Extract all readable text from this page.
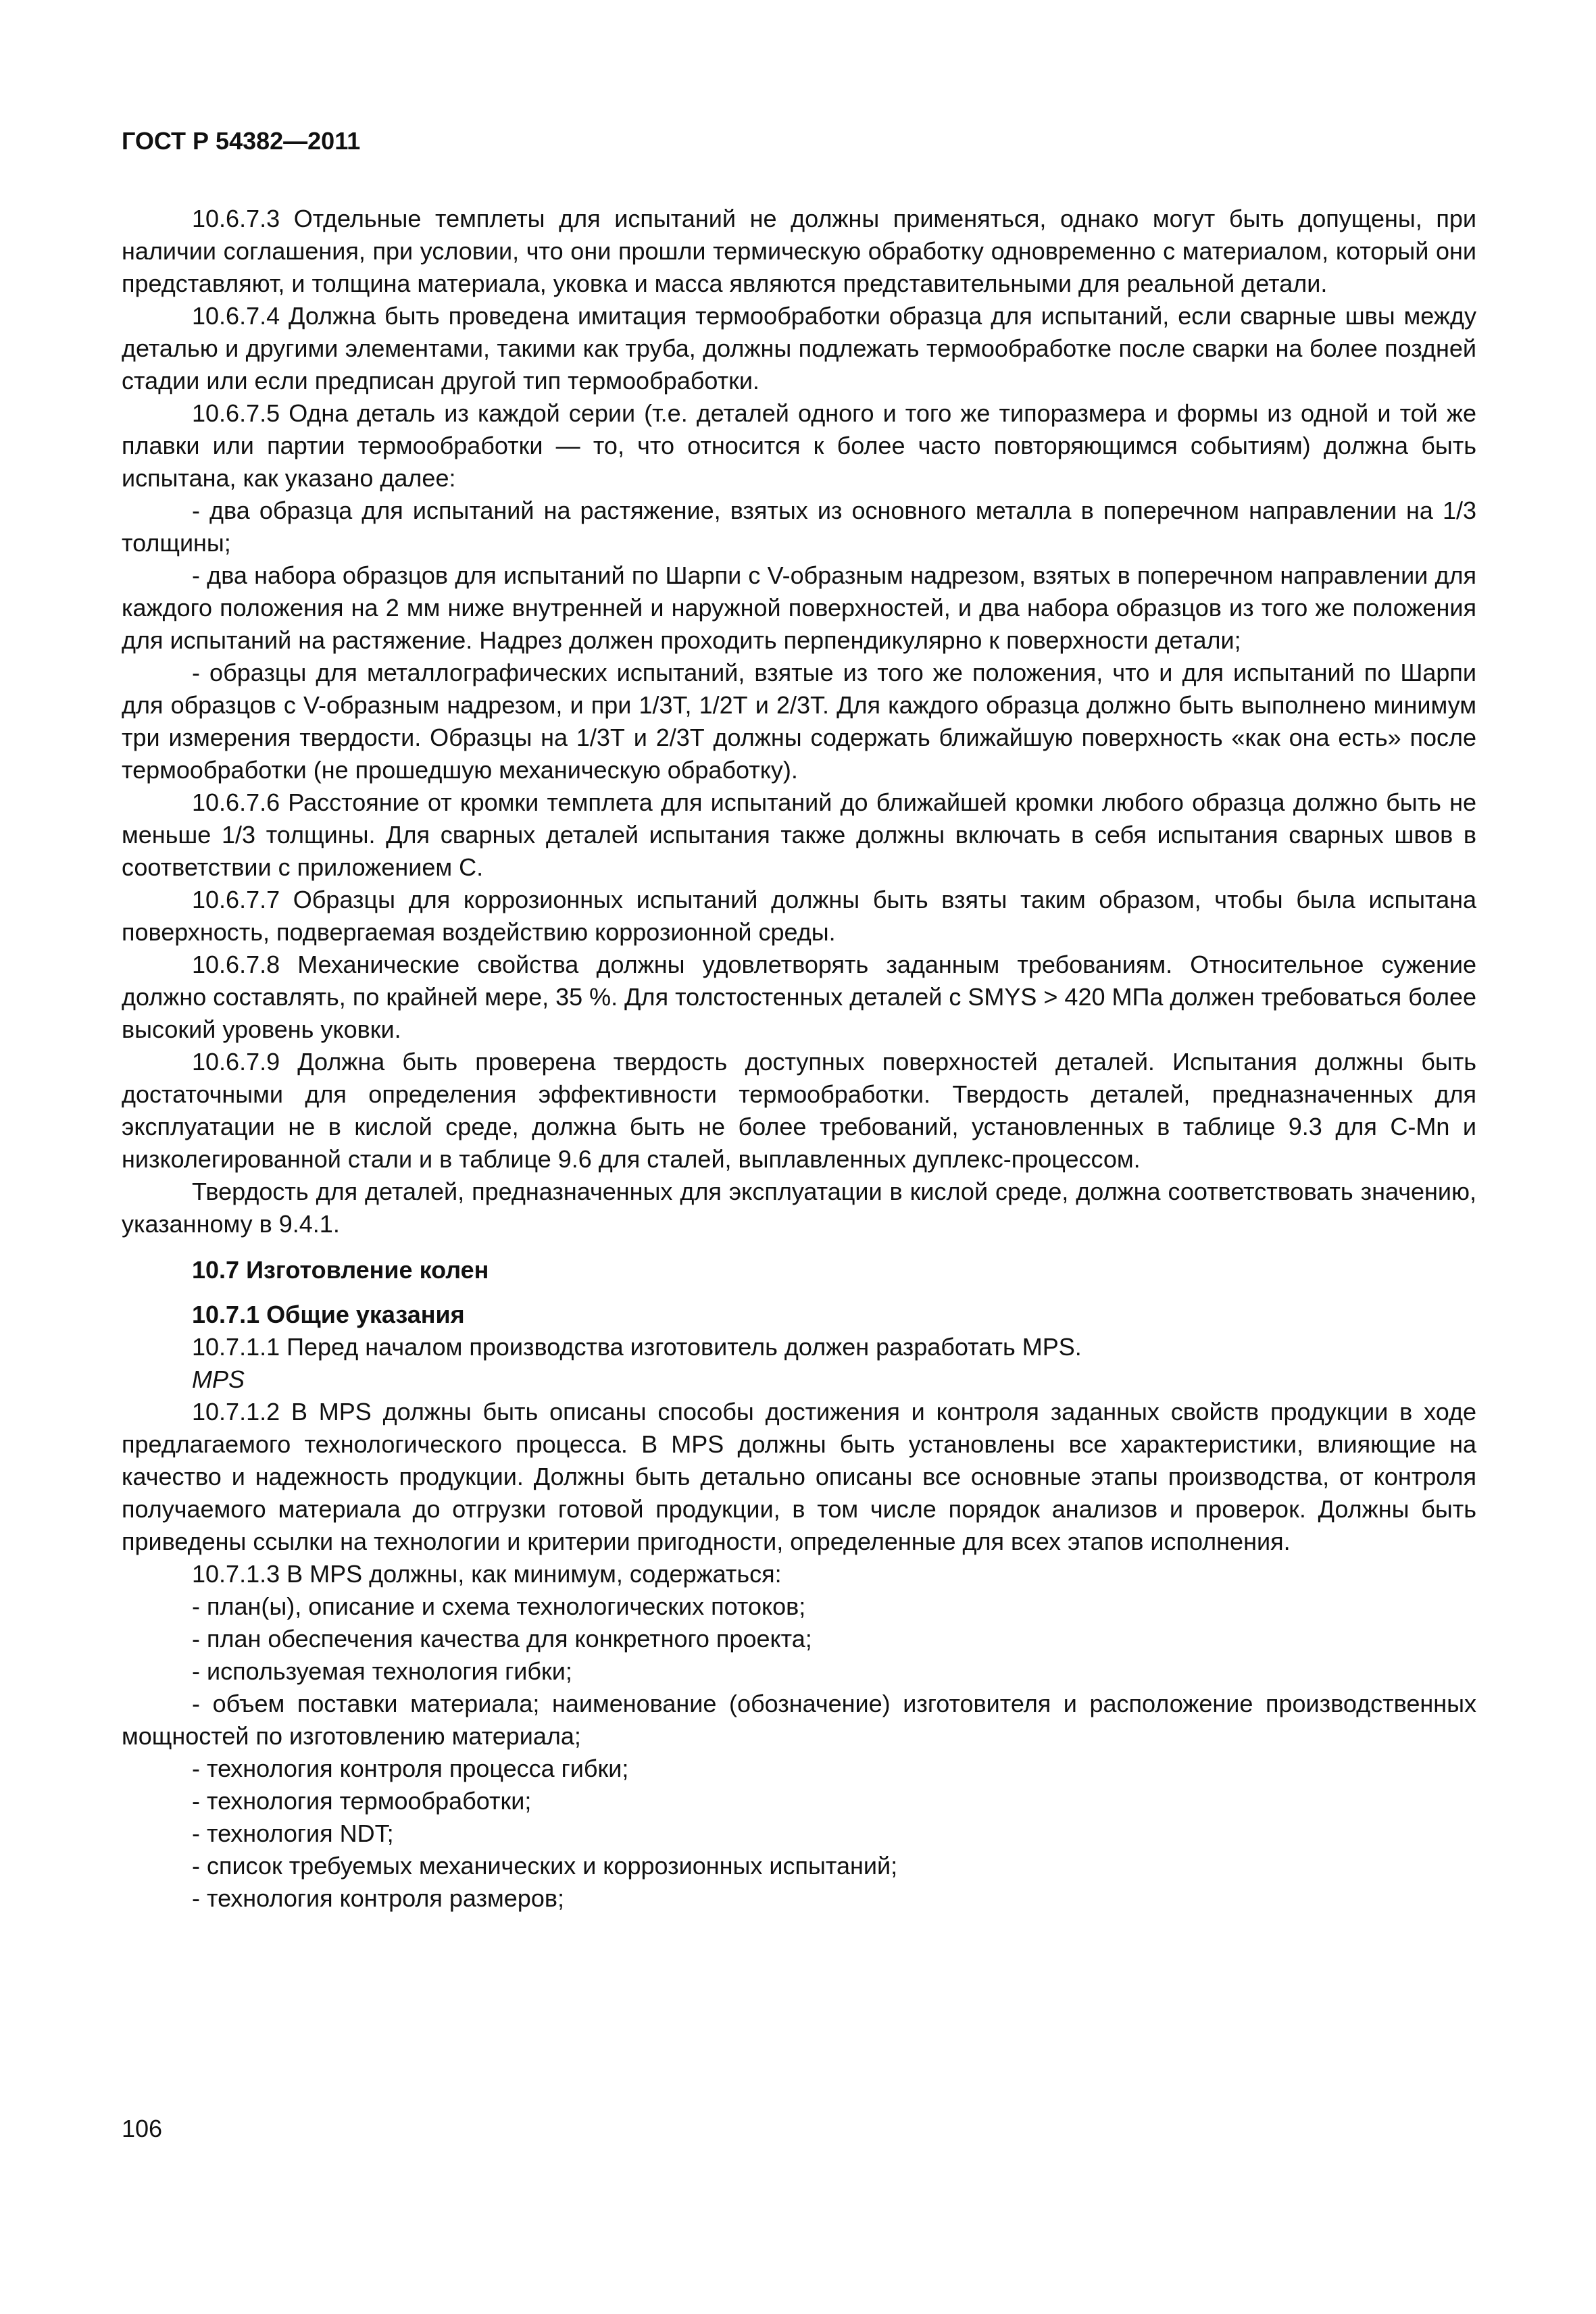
ГОСТ Р 54382—2011

10.6.7.3 Отдельные темплеты для испытаний не должны применяться, однако могут быть допущены, при наличии соглашения, при условии, что они прошли термическую обработку одновременно с материалом, который они представляют, и толщина материала, уковка и масса являются представительными для реальной детали.

10.6.7.4 Должна быть проведена имитация термообработки образца для испытаний, если сварные швы между деталью и другими элементами, такими как труба, должны подлежать термообработке после сварки на более поздней стадии или если предписан другой тип термообработки.

10.6.7.5 Одна деталь из каждой серии (т.е. деталей одного и того же типоразмера и формы из одной и той же плавки или партии термообработки — то, что относится к более часто повторяющимся событиям) должна быть испытана, как указано далее:

- два образца для испытаний на растяжение, взятых из основного металла в поперечном направлении на 1/3 толщины;

- два набора образцов для испытаний по Шарпи с V-образным надрезом, взятых в поперечном направлении для каждого положения на 2 мм ниже внутренней и наружной поверхностей, и два набора образцов из того же положения для испытаний на растяжение. Надрез должен проходить перпендикулярно к поверхности детали;

- образцы для металлографических испытаний, взятые из того же положения, что и для испытаний по Шарпи для образцов с V-образным надрезом, и при 1/3Т, 1/2Т и 2/3Т. Для каждого образца должно быть выполнено минимум три измерения твердости. Образцы на 1/3Т и 2/3Т должны содержать ближайшую поверхность «как она есть» после термообработки (не прошедшую механическую обработку).

10.6.7.6 Расстояние от кромки темплета для испытаний до ближайшей кромки любого образца должно быть не меньше 1/3 толщины. Для сварных деталей испытания также должны включать в себя испытания сварных швов в соответствии с приложением С.

10.6.7.7 Образцы для коррозионных испытаний должны быть взяты таким образом, чтобы была испытана поверхность, подвергаемая воздействию коррозионной среды.

10.6.7.8 Механические свойства должны удовлетворять заданным требованиям. Относительное сужение должно составлять, по крайней мере, 35 %. Для толстостенных деталей с SMYS > 420 МПа должен требоваться более высокий уровень уковки.

10.6.7.9 Должна быть проверена твердость доступных поверхностей деталей. Испытания должны быть достаточными для определения эффективности термообработки. Твердость деталей, предназначенных для эксплуатации не в кислой среде, должна быть не более требований, установленных в таблице 9.3 для С-Mn и низколегированной стали и в таблице 9.6 для сталей, выплавленных дуплекс-процессом.

Твердость для деталей, предназначенных для эксплуатации в кислой среде, должна соответствовать значению, указанному в 9.4.1.

10.7 Изготовление колен
10.7.1 Общие указания

10.7.1.1 Перед началом производства изготовитель должен разработать MPS.

MPS

10.7.1.2 В MPS должны быть описаны способы достижения и контроля заданных свойств продукции в ходе предлагаемого технологического процесса. В MPS должны быть установлены все характеристики, влияющие на качество и надежность продукции. Должны быть детально описаны все основные этапы производства, от контроля получаемого материала до отгрузки готовой продукции, в том числе порядок анализов и проверок. Должны быть приведены ссылки на технологии и критерии пригодности, определенные для всех этапов исполнения.

10.7.1.3 В MPS должны, как минимум, содержаться:

- план(ы), описание и схема технологических потоков;

- план обеспечения качества для конкретного проекта;

- используемая технология гибки;

- объем поставки материала; наименование (обозначение) изготовителя и расположение производственных мощностей по изготовлению материала;

- технология контроля процесса гибки;

- технология термообработки;

- технология NDT;

- список требуемых механических и коррозионных испытаний;

- технология контроля размеров;

106
